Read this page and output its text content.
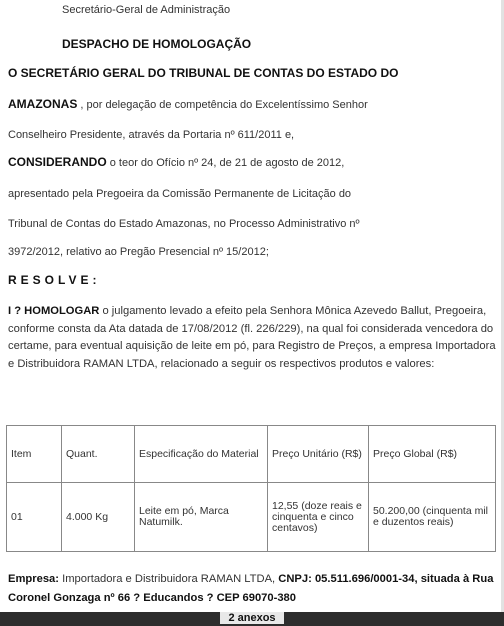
Secretário-Geral de Administração
DESPACHO DE HOMOLOGAÇÃO
O SECRETÁRIO GERAL DO TRIBUNAL DE CONTAS DO ESTADO DO
AMAZONAS , por delegação de competência do Excelentíssimo Senhor
Conselheiro Presidente, através da Portaria nº 611/2011 e,
CONSIDERANDO o teor do Ofício nº 24, de 21 de agosto de 2012,
apresentado pela Pregoeira da Comissão Permanente de Licitação do
Tribunal de Contas do Estado Amazonas, no Processo Administrativo nº
3972/2012, relativo ao Pregão Presencial nº 15/2012;
RESOLVE:
I ? HOMOLOGAR o julgamento levado a efeito pela Senhora Mônica Azevedo Ballut, Pregoeira, conforme consta da Ata datada de 17/08/2012 (fl. 226/229), na qual foi considerada vencedora do certame, para eventual aquisição de leite em pó, para Registro de Preços, a empresa Importadora e Distribuidora RAMAN LTDA, relacionado a seguir os respectivos produtos e valores:
Item	Quant.	Especificação do Material	Preço Unitário (R$)	Preço Global (R$)
01	4.000 Kg	Leite em pó, Marca Natumilk.	12,55 (doze reais e cinquenta e cinco centavos)	50.200,00 (cinquenta mil e duzentos reais)
Empresa: Importadora e Distribuidora RAMAN LTDA, CNPJ: 05.511.696/0001-34, situada à Rua Coronel Gonzaga nº 66 ? Educandos ? CEP 69070-380
2 anexos
